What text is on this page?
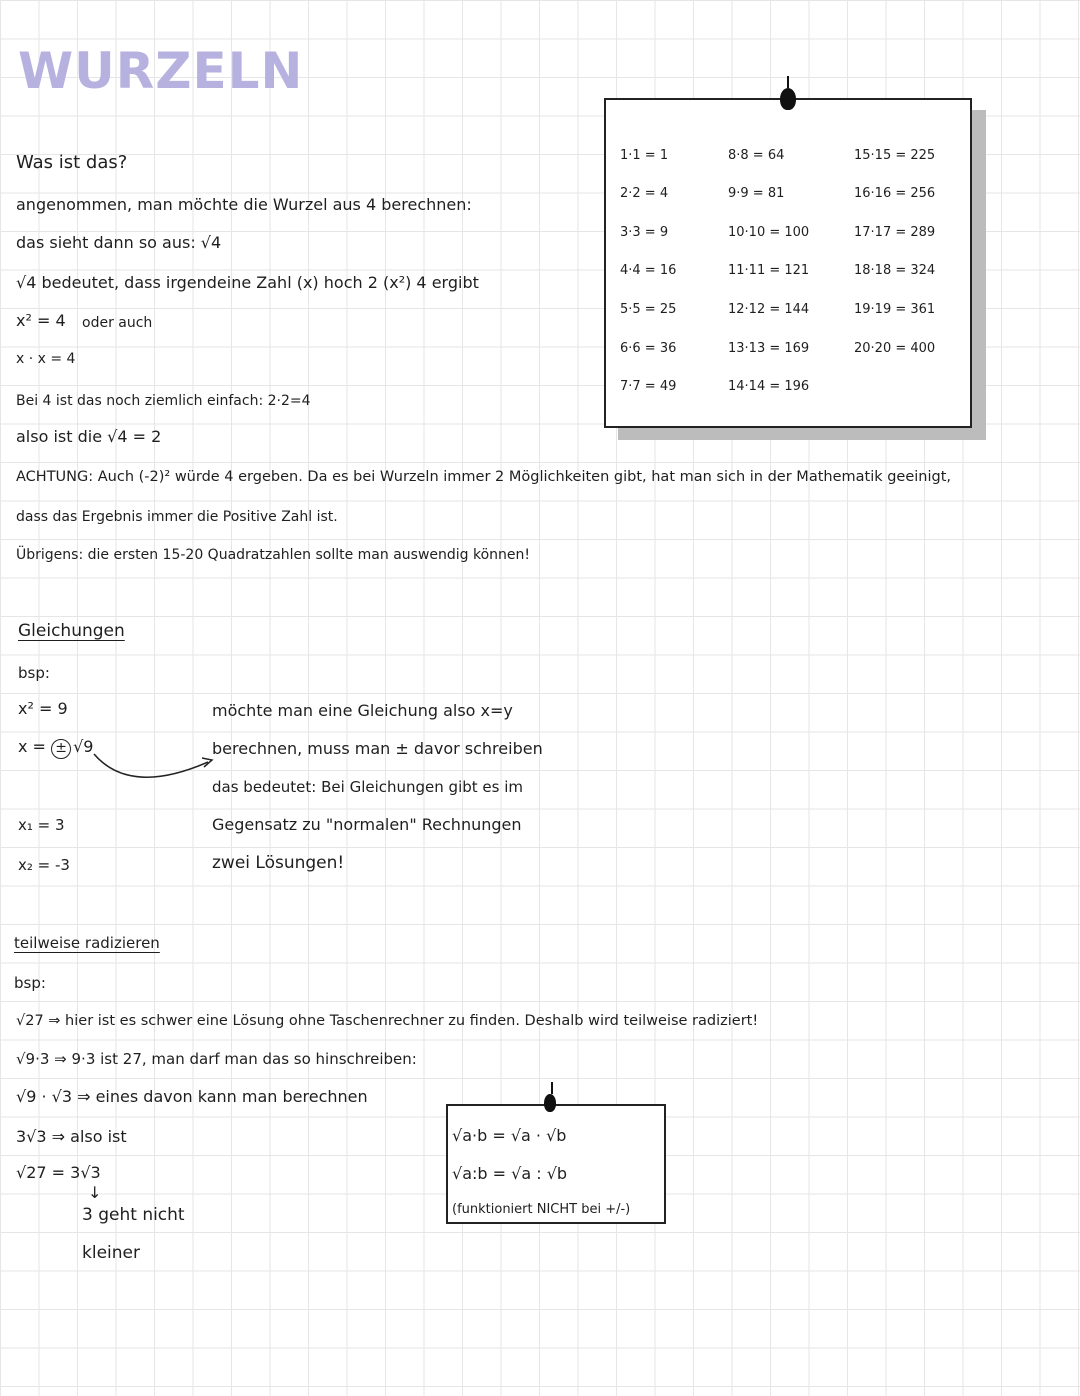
WURZELN
Was ist das?
angenommen, man möchte die Wurzel aus 4 berechnen:
das sieht dann so aus: √4
√4 bedeutet, dass irgendeine Zahl (x) hoch 2 (x²) 4 ergibt
x² = 4 oder auch
x · x = 4
Bei 4 ist das noch ziemlich einfach: 2·2=4
also ist die √4 = 2
ACHTUNG: Auch (-2)² würde 4 ergeben. Da es bei Wurzeln immer 2 Möglichkeiten gibt, hat man sich in der Mathematik geeinigt,
dass das Ergebnis immer die Positive Zahl ist.
Übrigens: die ersten 15-20 Quadratzahlen sollte man auswendig können!
1·1 = 1
2·2 = 4
3·3 = 9
4·4 = 16
5·5 = 25
6·6 = 36
7·7 = 49
8·8 = 64
9·9 = 81
10·10 = 100
11·11 = 121
12·12 = 144
13·13 = 169
14·14 = 196
15·15 = 225
16·16 = 256
17·17 = 289
18·18 = 324
19·19 = 361
20·20 = 400
Gleichungen
bsp:
x² = 9
x = ± √9
x₁ = 3
x₂ = -3
möchte man eine Gleichung also x=y
berechnen, muss man ± davor schreiben
das bedeutet: Bei Gleichungen gibt es im
Gegensatz zu "normalen" Rechnungen
zwei Lösungen!
teilweise radizieren
bsp:
√27 ⇒ hier ist es schwer eine Lösung ohne Taschenrechner zu finden. Deshalb wird teilweise radiziert!
√9·3 ⇒ 9·3 ist 27, man darf man das so hinschreiben:
√9 · √3 ⇒ eines davon kann man berechnen
3√3 ⇒ also ist
√27 = 3√3
↓
3 geht nicht
kleiner
√a·b = √a · √b
√a:b = √a : √b
(funktioniert NICHT bei +/-)
